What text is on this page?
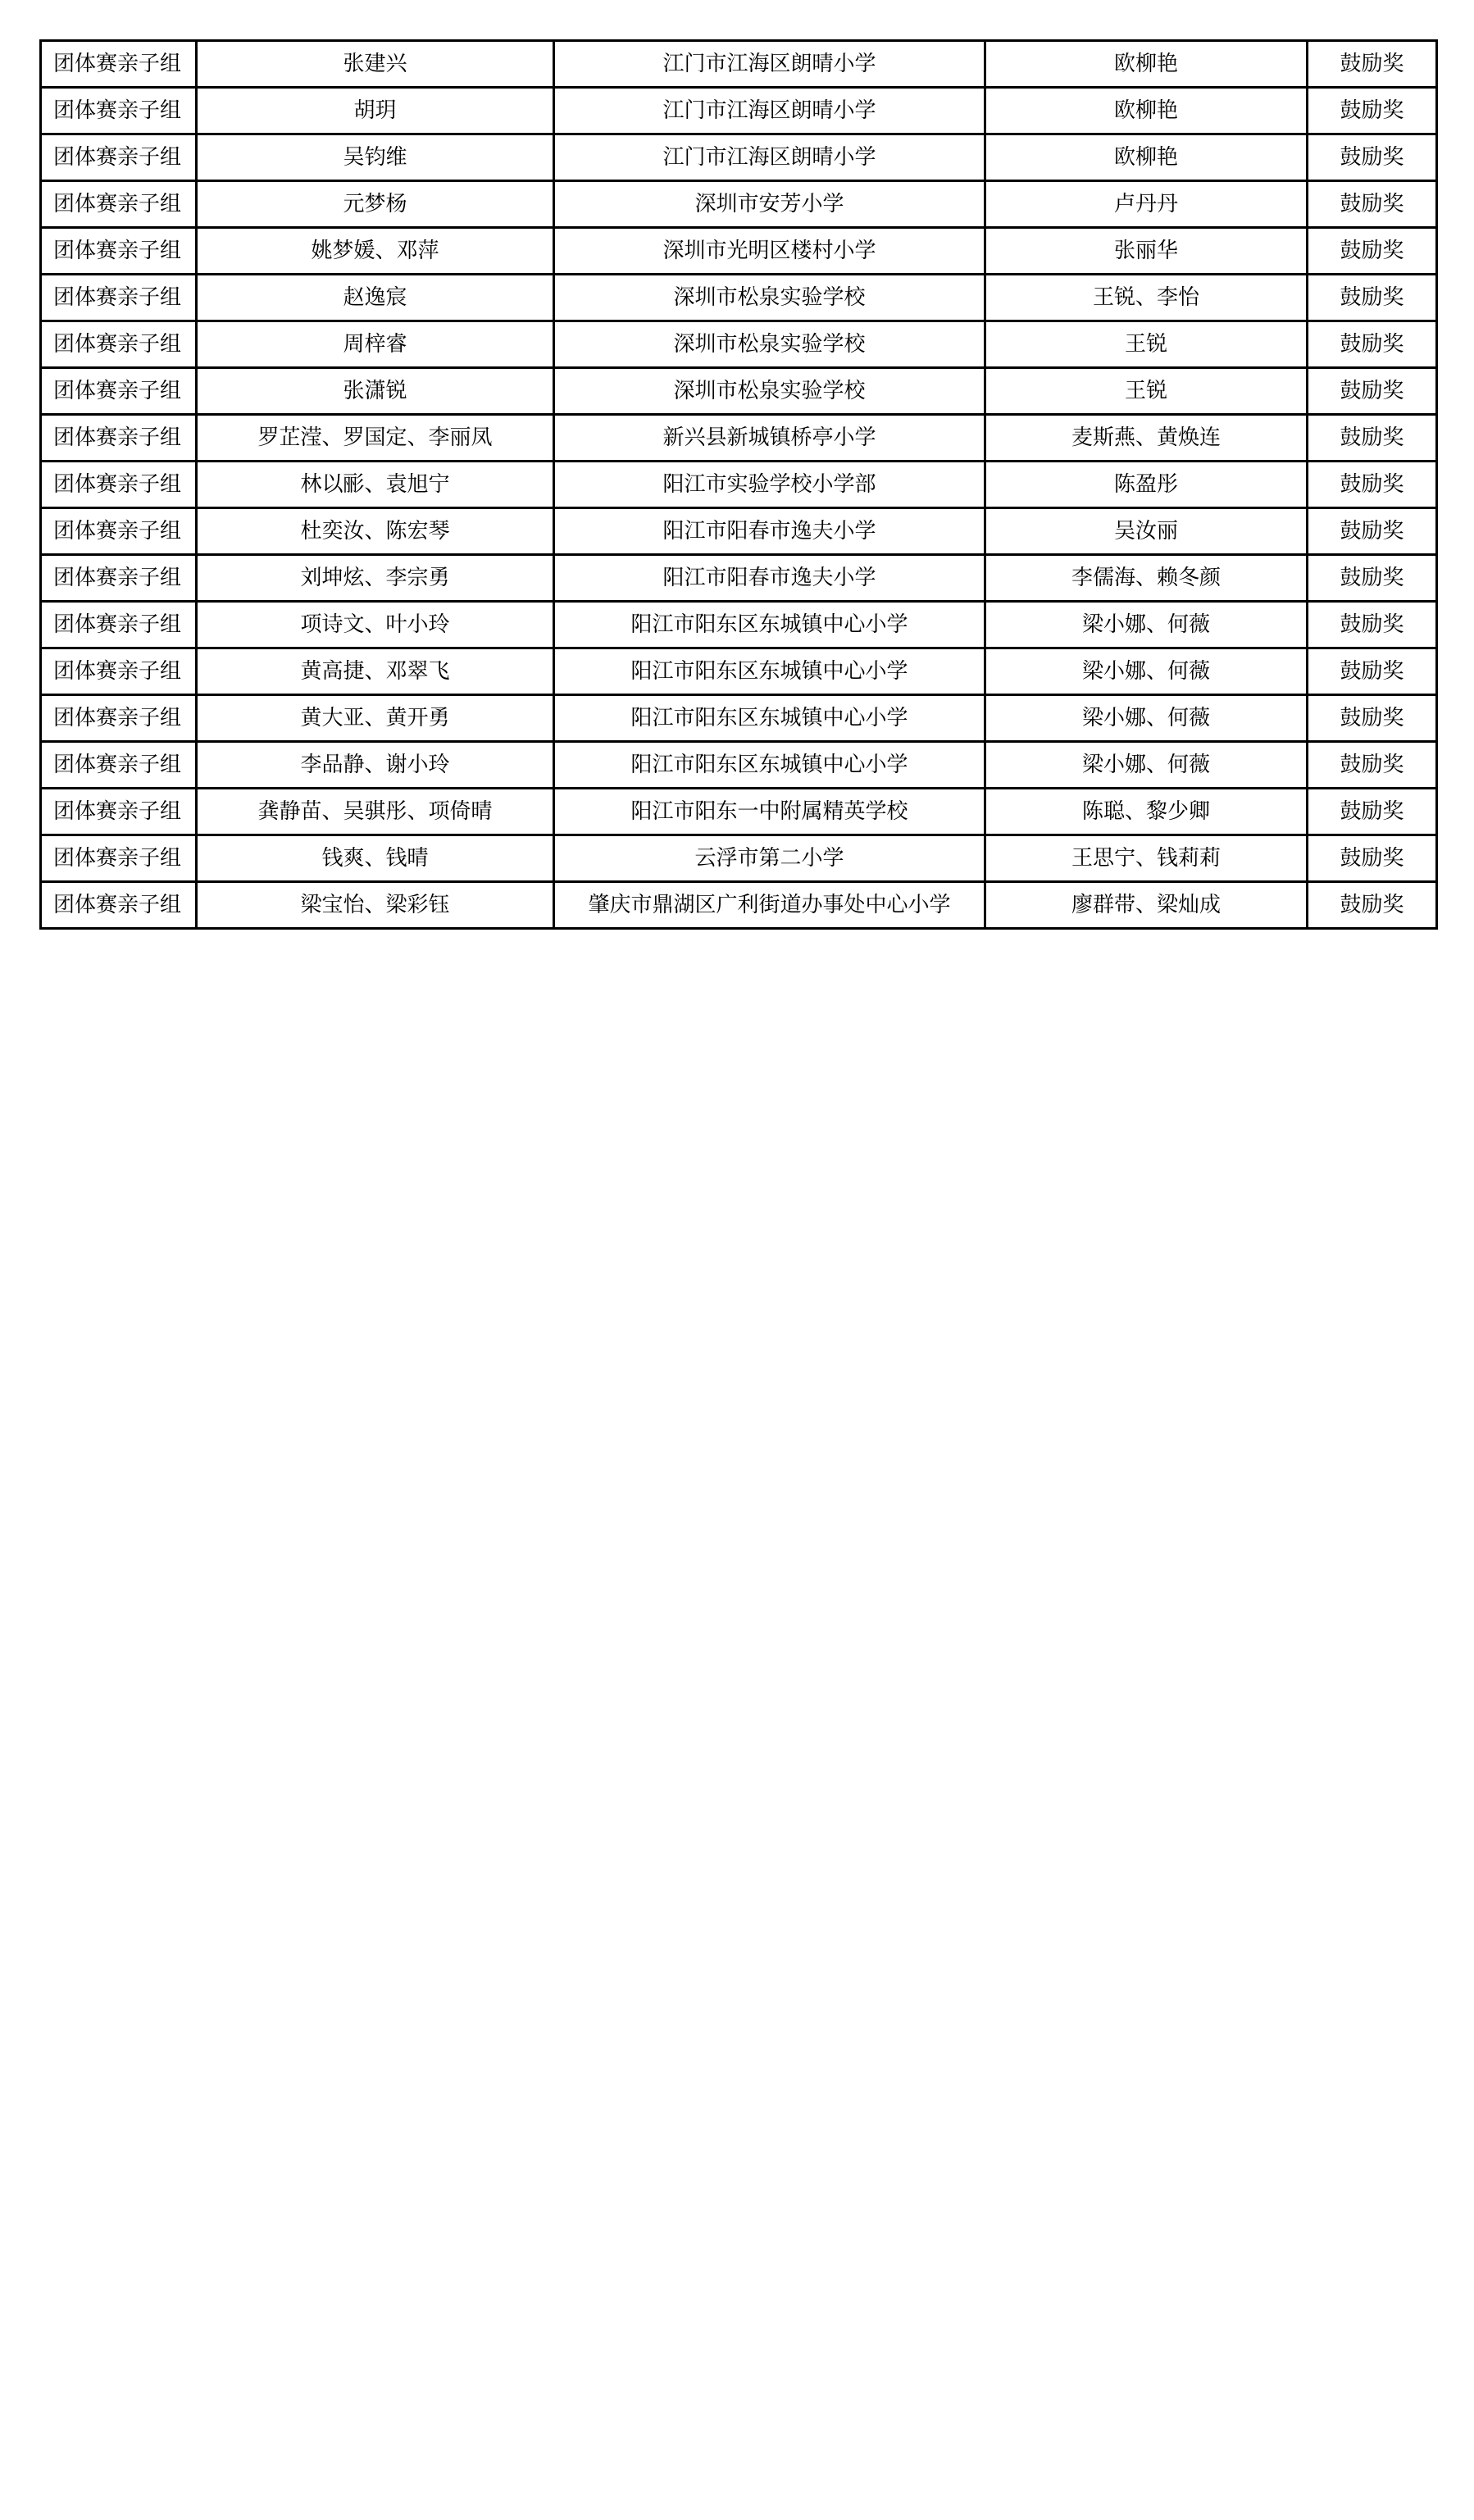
团体赛亲子组	张建兴	江门市江海区朗晴小学	欧柳艳	鼓励奖
团体赛亲子组	胡玥	江门市江海区朗晴小学	欧柳艳	鼓励奖
团体赛亲子组	吴钧维	江门市江海区朗晴小学	欧柳艳	鼓励奖
团体赛亲子组	元梦杨	深圳市安芳小学	卢丹丹	鼓励奖
团体赛亲子组	姚梦媛、邓萍	深圳市光明区楼村小学	张丽华	鼓励奖
团体赛亲子组	赵逸宸	深圳市松泉实验学校	王锐、李怡	鼓励奖
团体赛亲子组	周梓睿	深圳市松泉实验学校	王锐	鼓励奖
团体赛亲子组	张潇锐	深圳市松泉实验学校	王锐	鼓励奖
团体赛亲子组	罗芷滢、罗国定、李丽凤	新兴县新城镇桥亭小学	麦斯燕、黄焕连	鼓励奖
团体赛亲子组	林以彨、袁旭宁	阳江市实验学校小学部	陈盈彤	鼓励奖
团体赛亲子组	杜奕汝、陈宏琴	阳江市阳春市逸夫小学	吴汝丽	鼓励奖
团体赛亲子组	刘坤炫、李宗勇	阳江市阳春市逸夫小学	李儒海、赖冬颜	鼓励奖
团体赛亲子组	项诗文、叶小玲	阳江市阳东区东城镇中心小学	梁小娜、何薇	鼓励奖
团体赛亲子组	黄高捷、邓翠飞	阳江市阳东区东城镇中心小学	梁小娜、何薇	鼓励奖
团体赛亲子组	黄大亚、黄开勇	阳江市阳东区东城镇中心小学	梁小娜、何薇	鼓励奖
团体赛亲子组	李品静、谢小玲	阳江市阳东区东城镇中心小学	梁小娜、何薇	鼓励奖
团体赛亲子组	龚静苗、吴骐彤、项倚晴	阳江市阳东一中附属精英学校	陈聪、黎少卿	鼓励奖
团体赛亲子组	钱爽、钱晴	云浮市第二小学	王思宁、钱莉莉	鼓励奖
团体赛亲子组	梁宝怡、梁彩钰	肇庆市鼎湖区广利街道办事处中心小学	廖群带、梁灿成	鼓励奖
